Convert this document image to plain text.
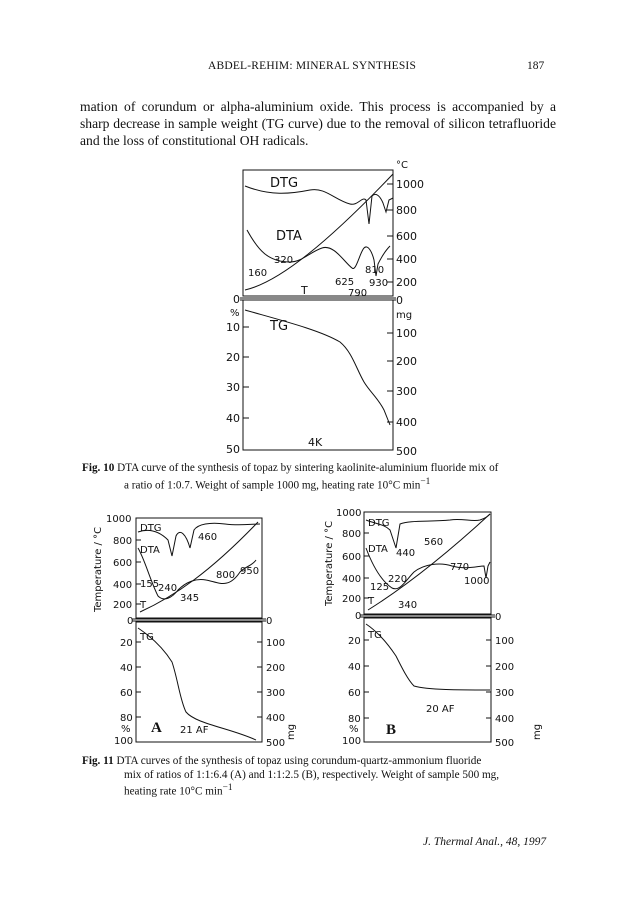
ABDEL-REHIM: MINERAL SYNTHESIS	187
mation of corundum or alpha-aluminium oxide. This process is accompanied by a sharp decrease in sample weight (TG curve) due to the removal of silicon tetrafluoride and the loss of constitutional OH radicals.
DTG
DTA
T
160
320
625
810
930
790
0
%
10
20
30
40
50
TG
4K
°C
1000
800
600
400
200
0
mg
100
200
300
400
500
DTG
DTA
T
TG
460
155
240
800 950
345
A 21 AF
1000
800
600
400
200
0
20
40
60
80
%
100
Temperature / °C
0
100
200
300
400
500
mg
DTG
DTA
T
TG
560
440
770
220
125
1000
340
B
20 AF
1000
800
600
400
200
0
20
40
60
80
%
100
Temperature / °C
0
100
200
300
400
500
mg
Fig. 10 DTA curve of the synthesis of topaz by sintering kaolinite-aluminium fluoride mix of
a ratio of 1:0.7. Weight of sample 1000 mg, heating rate 10°C $\min^{-1}$
Fig. 11 DTA curves of the synthesis of topaz using corundum-quartz-ammonium fluoride
mix of ratios of 1:1:6.4 (A) and 1:1:2.5 (B), respectively. Weight of sample 500 mg,
heating rate 10°C $\min^{-1}$
J. Thermal Anal., 48, 1997
